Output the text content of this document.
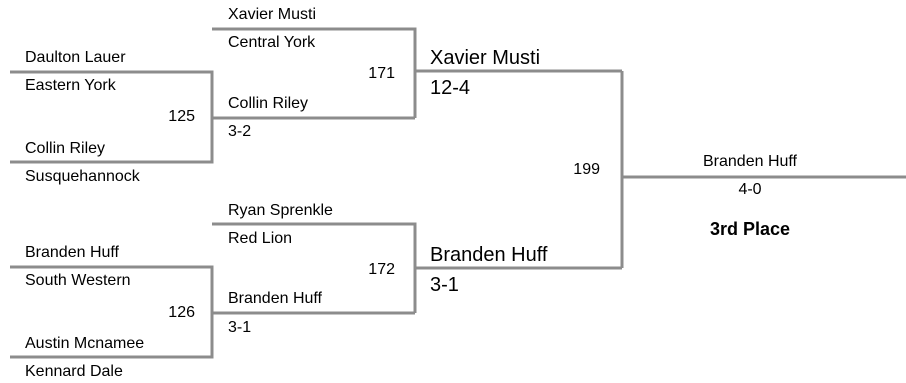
Xavier Musti
Central York
171
Daulton Lauer
Eastern York
125
Collin Riley
3-2
Collin Riley
Susquehannock
Xavier Musti
12-4
199	Branden Huff
4-0
3rd Place
Ryan Sprenkle
Red Lion
172
Branden Huff
3-1
Branden Huff
South Western
126
Branden Huff
3-1
Austin Mcnamee
Kennard Dale
